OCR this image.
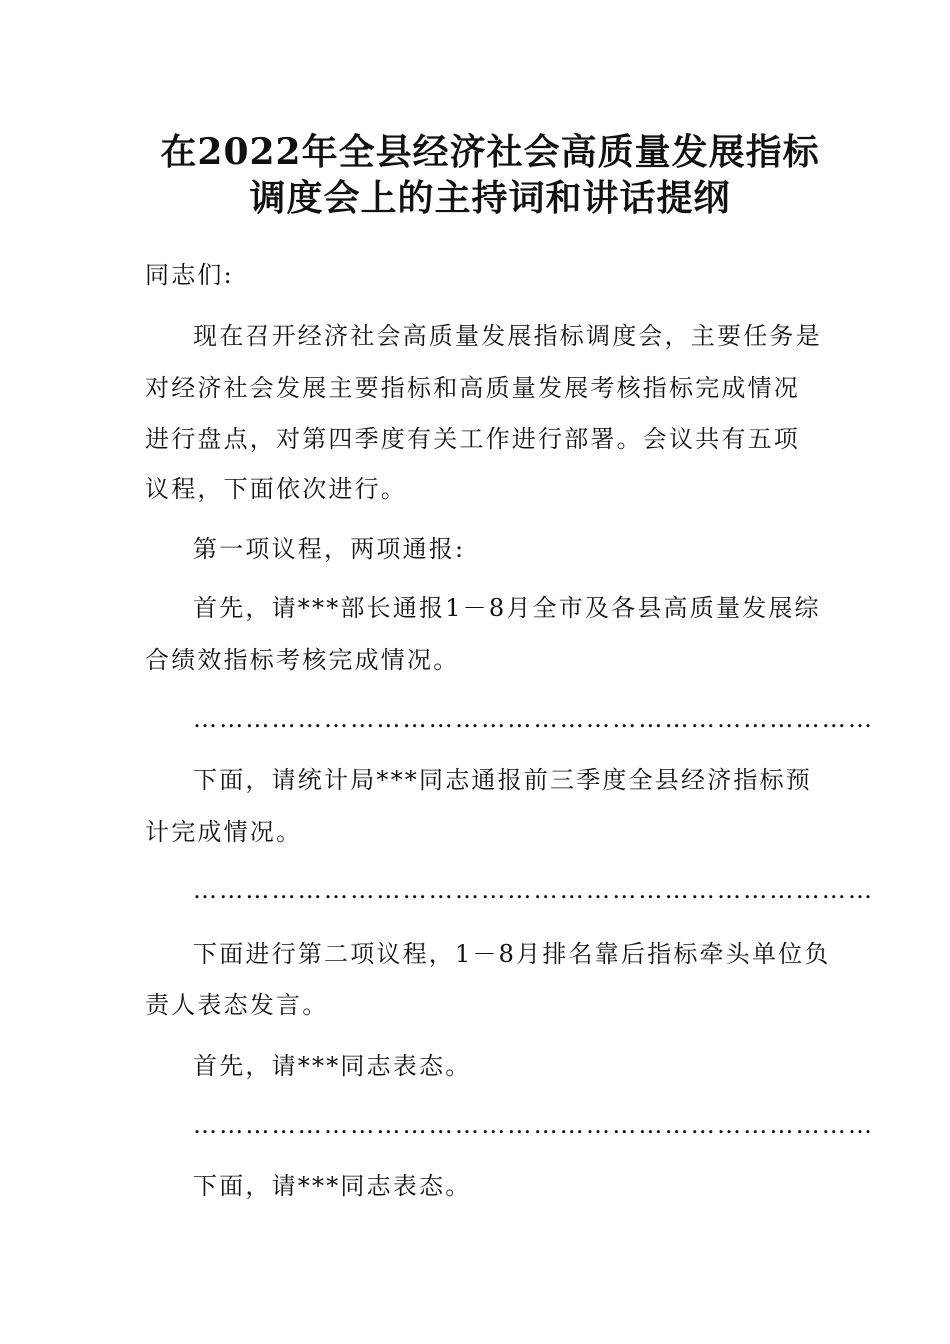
在2022年全县经济社会高质量发展指标
调度会上的主持词和讲话提纲

同志们:

现在召开经济社会高质量发展指标调度会，主要任务是

对经济社会发展主要指标和高质量发展考核指标完成情况

进行盘点，对第四季度有关工作进行部署。会议共有五项

议程，下面依次进行。

第一项议程，两项通报:

首先，请***部长通报1－8月全市及各县高质量发展综

合绩效指标考核完成情况。

……………………………………………………………………

下面，请统计局***同志通报前三季度全县经济指标预

计完成情况。

……………………………………………………………………

下面进行第二项议程，1－8月排名靠后指标牵头单位负

责人表态发言。

首先，请***同志表态。

……………………………………………………………………

下面，请***同志表态。
